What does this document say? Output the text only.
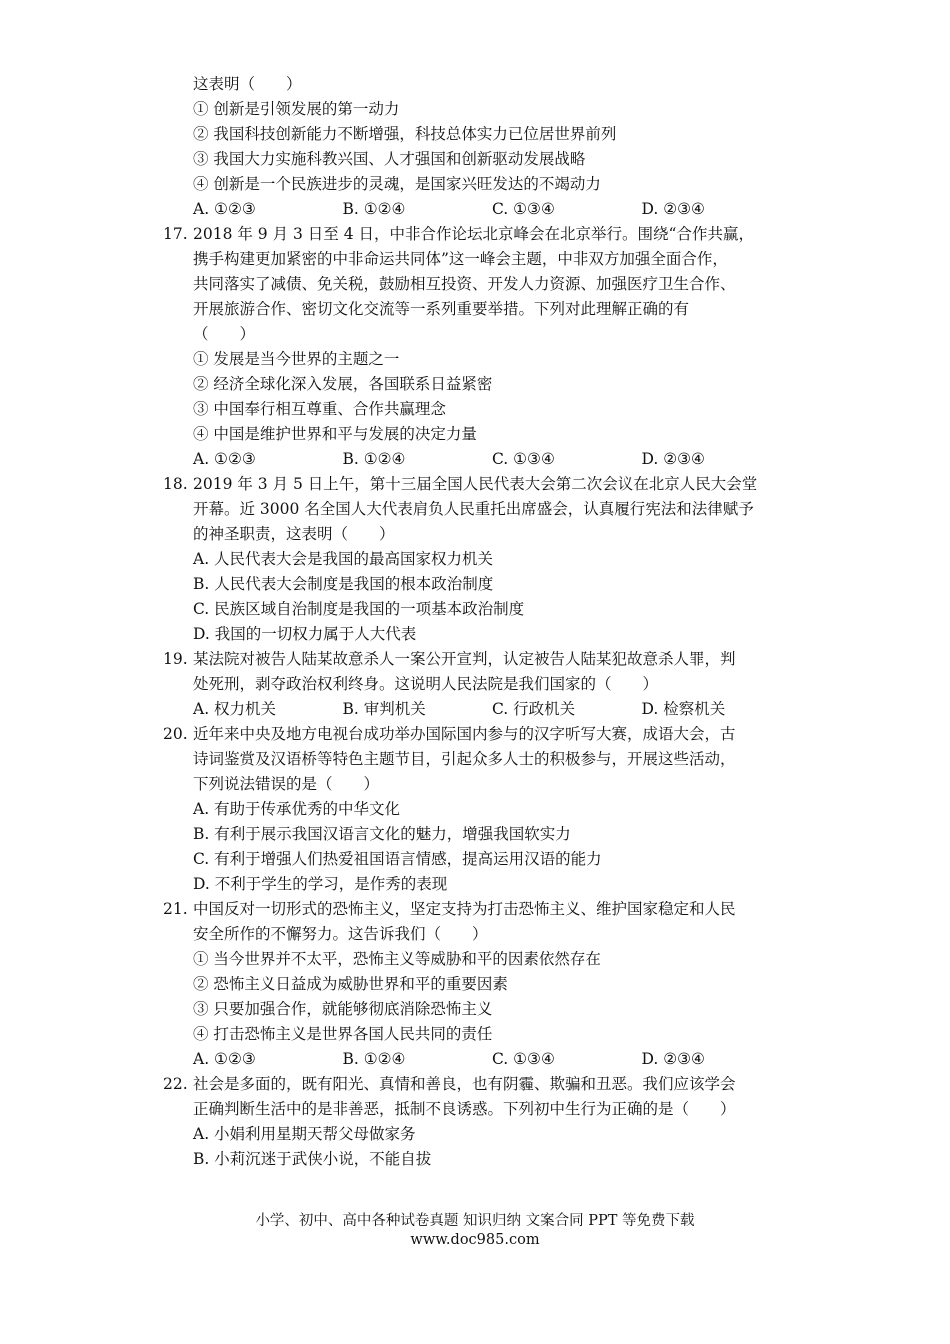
这表明（　　）
① 创新是引领发展的第一动力
② 我国科技创新能力不断增强，科技总体实力已位居世界前列
③ 我国大力实施科教兴国、人才强国和创新驱动发展战略
④ 创新是一个民族进步的灵魂，是国家兴旺发达的不竭动力
A. ①②③	B. ①②④	C. ①③④	D. ②③④
17. 2018 年 9 月 3 日至 4 日，中非合作论坛北京峰会在北京举行。围绕“合作共赢，
携手构建更加紧密的中非命运共同体”这一峰会主题，中非双方加强全面合作，
共同落实了减债、免关税，鼓励相互投资、开发人力资源、加强医疗卫生合作、
开展旅游合作、密切文化交流等一系列重要举措。下列对此理解正确的有
（　　）
① 发展是当今世界的主题之一
② 经济全球化深入发展，各国联系日益紧密
③ 中国奉行相互尊重、合作共赢理念
④ 中国是维护世界和平与发展的决定力量
A. ①②③	B. ①②④	C. ①③④	D. ②③④
18. 2019 年 3 月 5 日上午，第十三届全国人民代表大会第二次会议在北京人民大会堂
开幕。近 3000 名全国人大代表肩负人民重托出席盛会，认真履行宪法和法律赋予
的神圣职责，这表明（　　）
A. 人民代表大会是我国的最高国家权力机关
B. 人民代表大会制度是我国的根本政治制度
C. 民族区域自治制度是我国的一项基本政治制度
D. 我国的一切权力属于人大代表
19. 某法院对被告人陆某故意杀人一案公开宣判，认定被告人陆某犯故意杀人罪，判
处死刑，剥夺政治权利终身。这说明人民法院是我们国家的（　　）
A. 权力机关	B. 审判机关	C. 行政机关	D. 检察机关
20. 近年来中央及地方电视台成功举办国际国内参与的汉字听写大赛，成语大会，古
诗词鉴赏及汉语桥等特色主题节目，引起众多人士的积极参与，开展这些活动，
下列说法错误的是（　　）
A. 有助于传承优秀的中华文化
B. 有利于展示我国汉语言文化的魅力，增强我国软实力
C. 有利于增强人们热爱祖国语言情感，提高运用汉语的能力
D. 不利于学生的学习，是作秀的表现
21. 中国反对一切形式的恐怖主义，坚定支持为打击恐怖主义、维护国家稳定和人民
安全所作的不懈努力。这告诉我们（　　）
① 当今世界并不太平，恐怖主义等威胁和平的因素依然存在
② 恐怖主义日益成为威胁世界和平的重要因素
③ 只要加强合作，就能够彻底消除恐怖主义
④ 打击恐怖主义是世界各国人民共同的责任
A. ①②③	B. ①②④	C. ①③④	D. ②③④
22. 社会是多面的，既有阳光、真情和善良，也有阴霾、欺骗和丑恶。我们应该学会
正确判断生活中的是非善恶，抵制不良诱惑。下列初中生行为正确的是（　　）
A. 小娟利用星期天帮父母做家务
B. 小莉沉迷于武侠小说，不能自拔
小学、初中、高中各种试卷真题 知识归纳 文案合同 PPT 等免费下载
www.doc985.com
